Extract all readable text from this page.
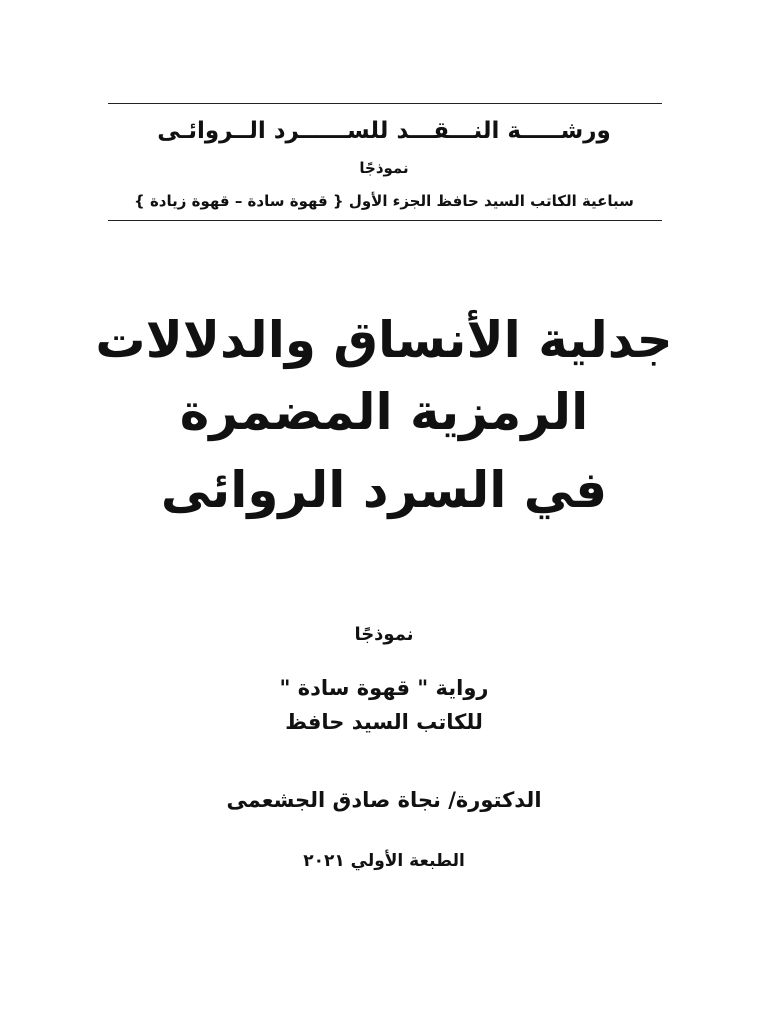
ورشـــــة النـــقـــد للســــــرد الــروائـى
نموذجًا
سباعية الكاتب السيد حافظ الجزء الأول { قهوة سادة – قهوة زيادة }
جدلية الأنساق والدلالات
الرمزية المضمرة
في السرد الروائى
نموذجًا
رواية " قهوة سادة "
للكاتب السيد حافظ
الدكتورة/ نجاة صادق الجشعمى
الطبعة الأولي ٢٠٢١
